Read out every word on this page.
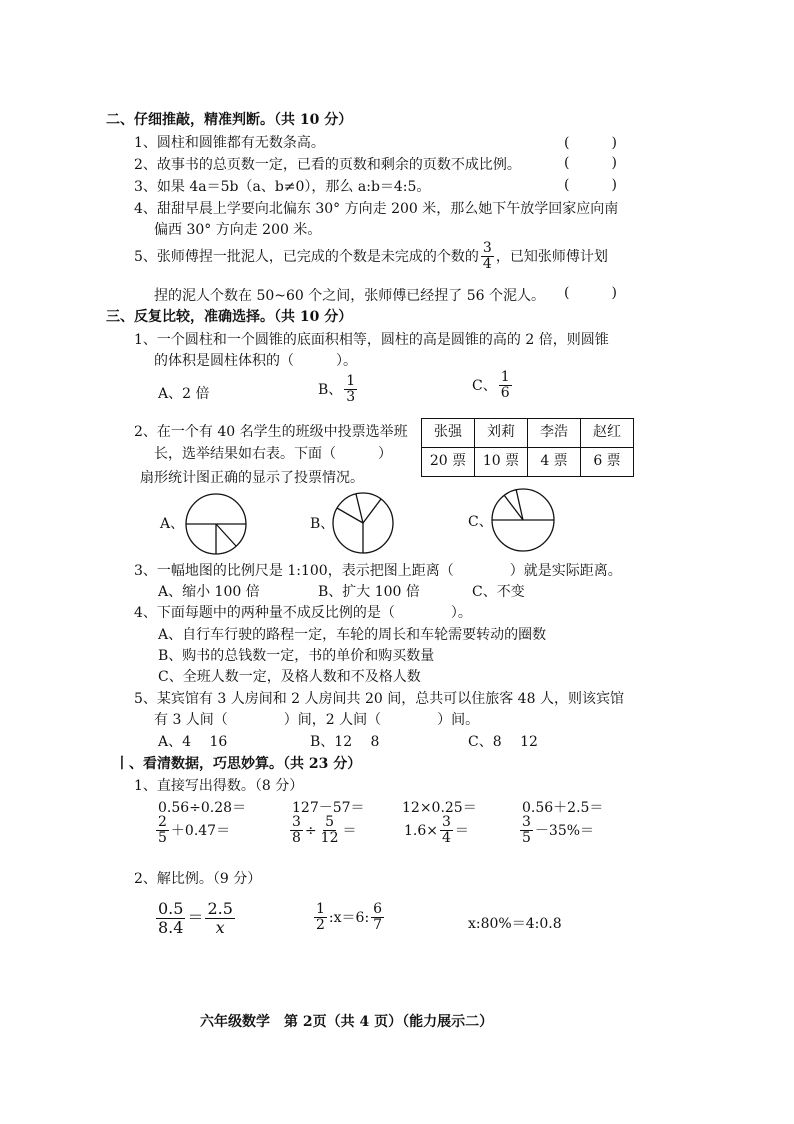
二、仔细推敲，精准判断。（共 10 分）
1、圆柱和圆锥都有无数条高。	(　　　)
2、故事书的总页数一定，已看的页数和剩余的页数不成比例。	(　　　)
3、如果 4a＝5b（a、b≠0），那么 a:b＝4:5。	(　　　)
4、甜甜早晨上学要向北偏东 30° 方向走 200 米，那么她下午放学回家应向南
偏西 30° 方向走 200 米。
5、张师傅捏一批泥人，已完成的个数是未完成的个数的 $\frac{3}{4}$ ，已知张师傅计划
捏的泥人个数在 50~60 个之间，张师傅已经捏了 56 个泥人。 (　　　)
三、反复比较，准确选择。（共 10 分）
1、一个圆柱和一个圆锥的底面积相等，圆柱的高是圆锥的高的 2 倍，则圆锥
的体积是圆柱体积的（　　　）。
A、2 倍	B、 $\frac{1}{3}$	C、 $\frac{1}{6}$
2、在一个有 40 名学生的班级中投票选举班
长，选举结果如右表。下面（　　　）
扇形统计图正确的显示了投票情况。
张强	刘莉	李浩	赵红
20 票	10 票	4 票	6 票
A、	B、	C、
3、一幅地图的比例尺是 1:100，表示把图上距离（　　　　）就是实际距离。
A、缩小 100 倍	B、扩大 100 倍	C、不变
4、下面每题中的两种量不成反比例的是（　　　　）。
A、自行车行驶的路程一定，车轮的周长和车轮需要转动的圈数
B、购书的总钱数一定，书的单价和购买数量
C、全班人数一定，及格人数和不及格人数
5、某宾馆有 3 人房间和 2 人房间共 20 间，总共可以住旅客 48 人，则该宾馆
有 3 人间（　　　　）间，2 人间（　　　　）间。
A、4　 16	B、12　 8	C、8　 12
丨、看清数据，巧思妙算。（共 23 分）
1、直接写出得数。（8 分）
0.56÷0.28＝	127－57＝	12×0.25＝	0.56＋2.5＝
$\frac{2}{5} +0.47=$	$\frac{3}{8} \div \frac{5}{12}$ ＝	$1.6\times \frac{3}{4}$ ＝	$\frac{3}{5} -35\%=$
2、解比例。（9 分）
$\frac{0.5}{8.4} = \frac{2.5}{x}$	$\frac{1}{2}$ :x＝6: $\frac{6}{7}$	x:80%＝4:0.8
六年级数学　第 2页（共 4 页）（能力展示二）
